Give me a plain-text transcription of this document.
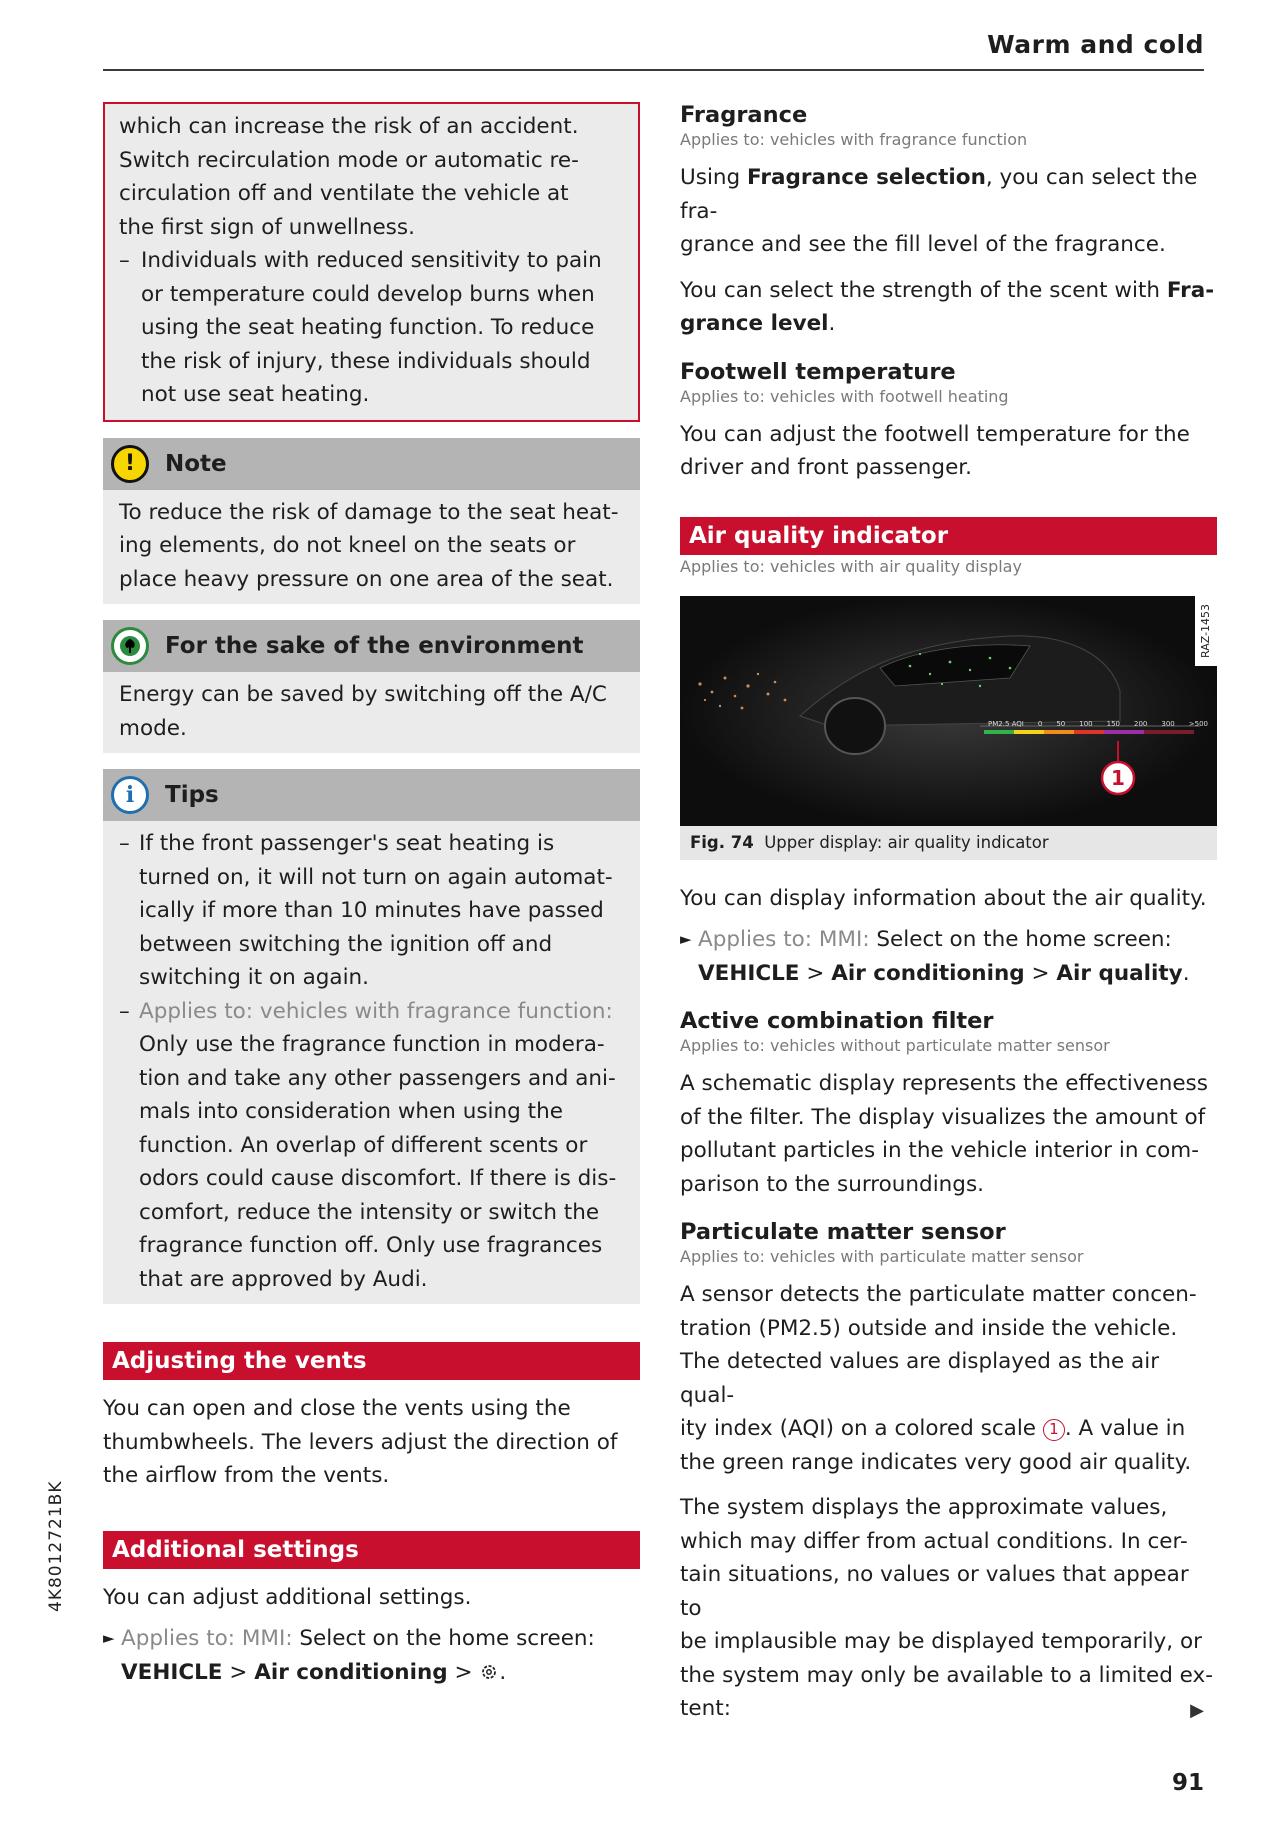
Warm and cold
which can increase the risk of an accident.
Switch recirculation mode or automatic re-
circulation off and ventilate the vehicle at
the first sign of unwellness.
– Individuals with reduced sensitivity to pain
or temperature could develop burns when
using the seat heating function. To reduce
the risk of injury, these individuals should
not use seat heating.
!	Note
To reduce the risk of damage to the seat heat-
ing elements, do not kneel on the seats or
place heavy pressure on one area of the seat.
For the sake of the environment
Energy can be saved by switching off the A/C
mode.
i	Tips
– If the front passenger's seat heating is
turned on, it will not turn on again automat-
ically if more than 10 minutes have passed
between switching the ignition off and
switching it on again.
– Applies to: vehicles with fragrance function:
Only use the fragrance function in modera-
tion and take any other passengers and ani-
mals into consideration when using the
function. An overlap of different scents or
odors could cause discomfort. If there is dis-
comfort, reduce the intensity or switch the
fragrance function off. Only use fragrances
that are approved by Audi.
Adjusting the vents
You can open and close the vents using the
thumbwheels. The levers adjust the direction of
the airflow from the vents.
Additional settings

You can adjust additional settings.

► Applies to: MMI: Select on the home screen:
VEHICLE > Air conditioning > .
Fragrance
Applies to: vehicles with fragrance function
Using Fragrance selection, you can select the fra-
grance and see the fill level of the fragrance.
You can select the strength of the scent with Fra-
grance level.
Footwell temperature
Applies to: vehicles with footwell heating
You can adjust the footwell temperature for the
driver and front passenger.
Air quality indicator
Applies to: vehicles with air quality display
PM2.5 AQI 0 50 100 150 200 300 >500
1
RAZ-1453
Fig. 74 Upper display: air quality indicator

You can display information about the air quality.

► Applies to: MMI: Select on the home screen:
VEHICLE > Air conditioning > Air quality.
Active combination filter
Applies to: vehicles without particulate matter sensor
A schematic display represents the effectiveness
of the filter. The display visualizes the amount of
pollutant particles in the vehicle interior in com-
parison to the surroundings.
Particulate matter sensor
Applies to: vehicles with particulate matter sensor
A sensor detects the particulate matter concen-
tration (PM2.5) outside and inside the vehicle.
The detected values are displayed as the air qual-
ity index (AQI) on a colored scale 1 . A value in
the green range indicates very good air quality.
The system displays the approximate values,
which may differ from actual conditions. In cer-
tain situations, no values or values that appear to
be implausible may be displayed temporarily, or
the system may only be available to a limited ex-
tent:	▶
4K8012721BK
91
